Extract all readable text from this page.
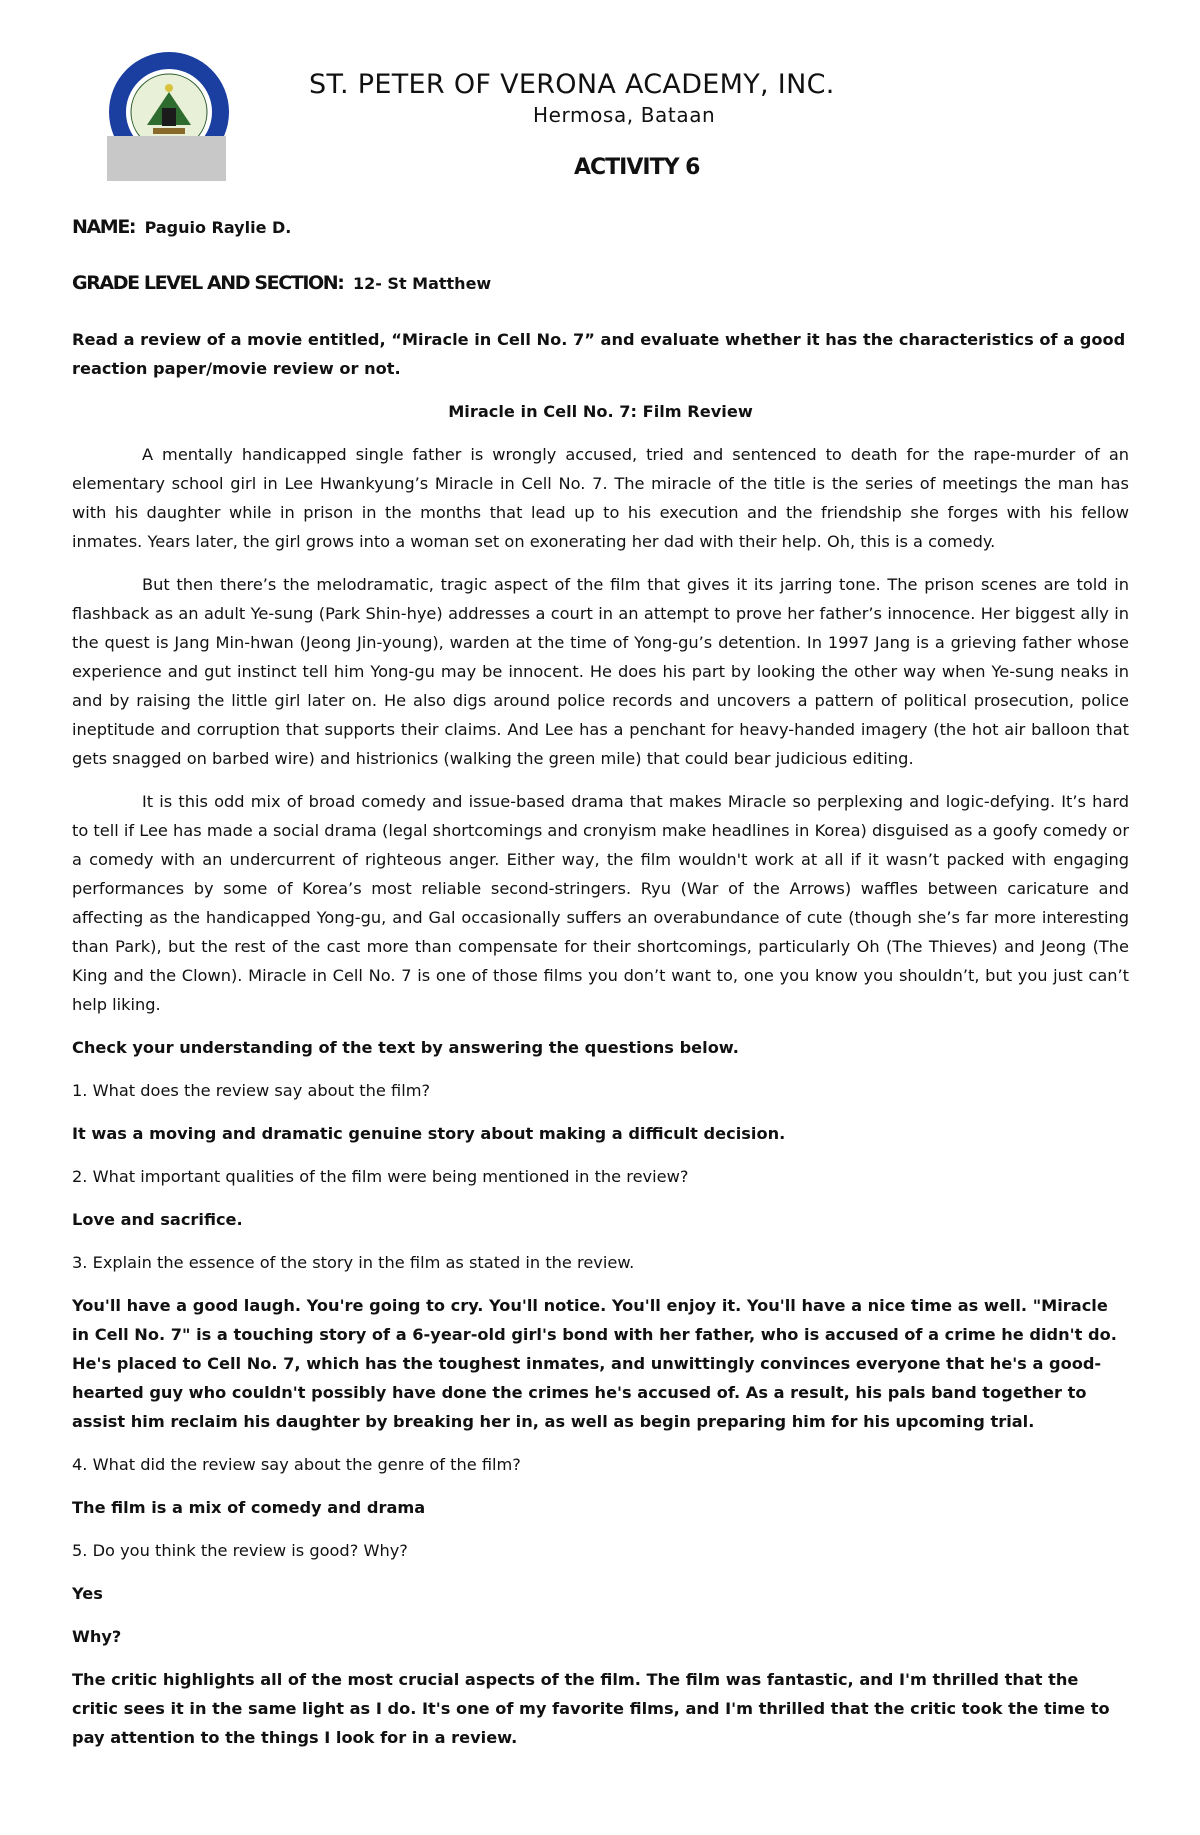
ST. PETER OF VERONA ACADEMY, INC.
Hermosa, Bataan
ACTIVITY 6
NAME: Paguio Raylie D.
GRADE LEVEL AND SECTION: 12- St Matthew

Read a review of a movie entitled, “Miracle in Cell No. 7” and evaluate whether it has the characteristics of a good reaction paper/movie review or not.

Miracle in Cell No. 7: Film Review

A mentally handicapped single father is wrongly accused, tried and sentenced to death for the rape-murder of an elementary school girl in Lee Hwankyung’s Miracle in Cell No. 7. The miracle of the title is the series of meetings the man has with his daughter while in prison in the months that lead up to his execution and the friendship she forges with his fellow inmates. Years later, the girl grows into a woman set on exonerating her dad with their help. Oh, this is a comedy.

But then there’s the melodramatic, tragic aspect of the film that gives it its jarring tone. The prison scenes are told in flashback as an adult Ye-sung (Park Shin-hye) addresses a court in an attempt to prove her father’s innocence. Her biggest ally in the quest is Jang Min-hwan (Jeong Jin-young), warden at the time of Yong-gu’s detention. In 1997 Jang is a grieving father whose experience and gut instinct tell him Yong-gu may be innocent. He does his part by looking the other way when Ye-sung neaks in and by raising the little girl later on. He also digs around police records and uncovers a pattern of political prosecution, police ineptitude and corruption that supports their claims. And Lee has a penchant for heavy-handed imagery (the hot air balloon that gets snagged on barbed wire) and histrionics (walking the green mile) that could bear judicious editing.

It is this odd mix of broad comedy and issue-based drama that makes Miracle so perplexing and logic-defying. It’s hard to tell if Lee has made a social drama (legal shortcomings and cronyism make headlines in Korea) disguised as a goofy comedy or a comedy with an undercurrent of righteous anger. Either way, the film wouldn't work at all if it wasn’t packed with engaging performances by some of Korea’s most reliable second-stringers. Ryu (War of the Arrows) waffles between caricature and affecting as the handicapped Yong-gu, and Gal occasionally suffers an overabundance of cute (though she’s far more interesting than Park), but the rest of the cast more than compensate for their shortcomings, particularly Oh (The Thieves) and Jeong (The King and the Clown). Miracle in Cell No. 7 is one of those films you don’t want to, one you know you shouldn’t, but you just can’t help liking.

Check your understanding of the text by answering the questions below.

1. What does the review say about the film?

It was a moving and dramatic genuine story about making a difficult decision.

2. What important qualities of the film were being mentioned in the review?

Love and sacrifice.

3. Explain the essence of the story in the film as stated in the review.

You'll have a good laugh. You're going to cry. You'll notice. You'll enjoy it. You'll have a nice time as well. "Miracle in Cell No. 7" is a touching story of a 6-year-old girl's bond with her father, who is accused of a crime he didn't do. He's placed to Cell No. 7, which has the toughest inmates, and unwittingly convinces everyone that he's a good-hearted guy who couldn't possibly have done the crimes he's accused of. As a result, his pals band together to assist him reclaim his daughter by breaking her in, as well as begin preparing him for his upcoming trial.

4. What did the review say about the genre of the film?

The film is a mix of comedy and drama

5. Do you think the review is good? Why?

Yes

Why?

The critic highlights all of the most crucial aspects of the film. The film was fantastic, and I'm thrilled that the critic sees it in the same light as I do. It's one of my favorite films, and I'm thrilled that the critic took the time to pay attention to the things I look for in a review.
